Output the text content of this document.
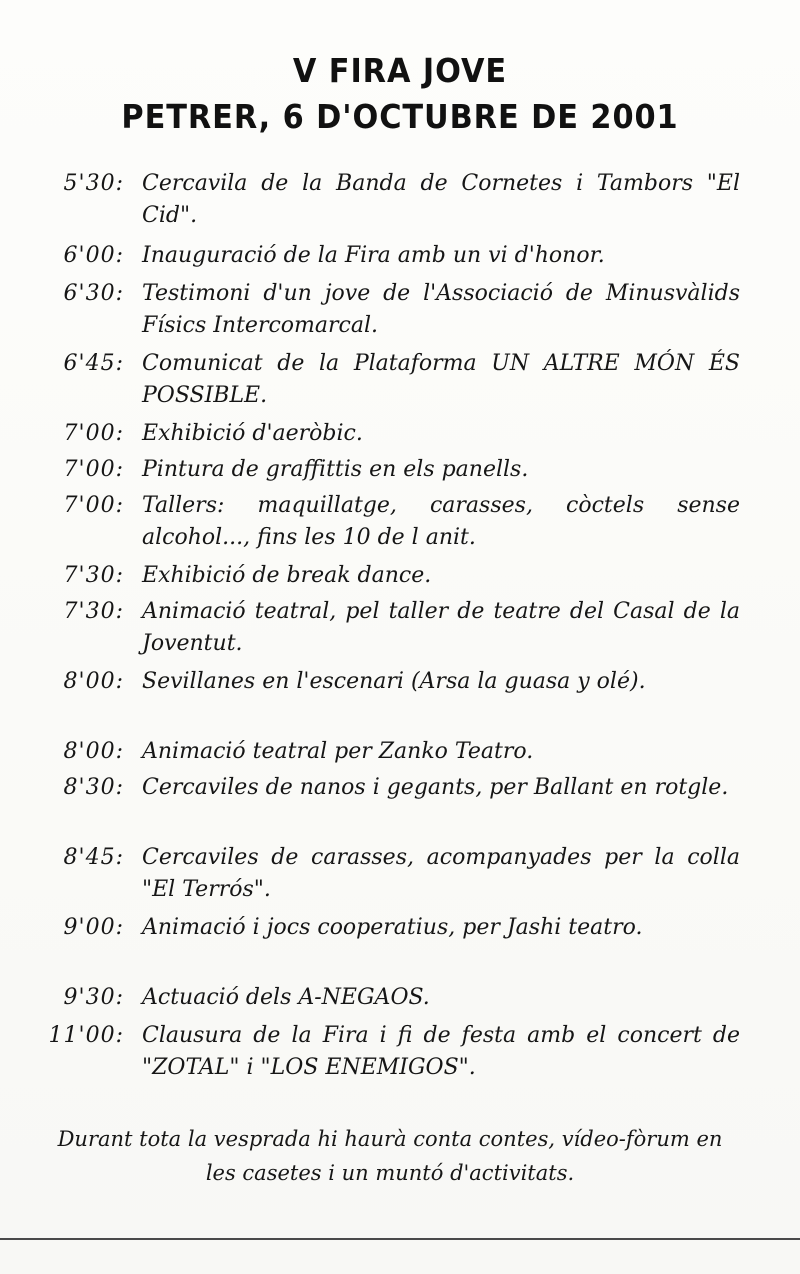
V FIRA JOVE
PETRER, 6 D'OCTUBRE DE 2001
5'30: Cercavila de la Banda de Cornetes i Tambors "El Cid".
6'00: Inauguració de la Fira amb un vi d'honor.
6'30: Testimoni d'un jove de l'Associació de Minusvàlids Físics Intercomarcal.
6'45: Comunicat de la Plataforma UN ALTRE MÓN ÉS POSSIBLE.
7'00: Exhibició d'aeròbic.
7'00: Pintura de graffittis en els panells.
7'00: Tallers: maquillatge, carasses, còctels sense alcohol..., fins les 10 de l anit.
7'30: Exhibició de break dance.
7'30: Animació teatral, pel taller de teatre del Casal de la Joventut.
8'00: Sevillanes en l'escenari (Arsa la guasa y olé).
8'00: Animació teatral per Zanko Teatro.
8'30: Cercaviles de nanos i gegants, per Ballant en rotgle.
8'45: Cercaviles de carasses, acompanyades per la colla "El Terrós".
9'00: Animació i jocs cooperatius, per Jashi teatro.
9'30: Actuació dels A-NEGAOS.
11'00: Clausura de la Fira i fi de festa amb el concert de "ZOTAL" i "LOS ENEMIGOS".
Durant tota la vesprada hi haurà conta contes, vídeo-fòrum en les casetes i un muntó d'activitats.
